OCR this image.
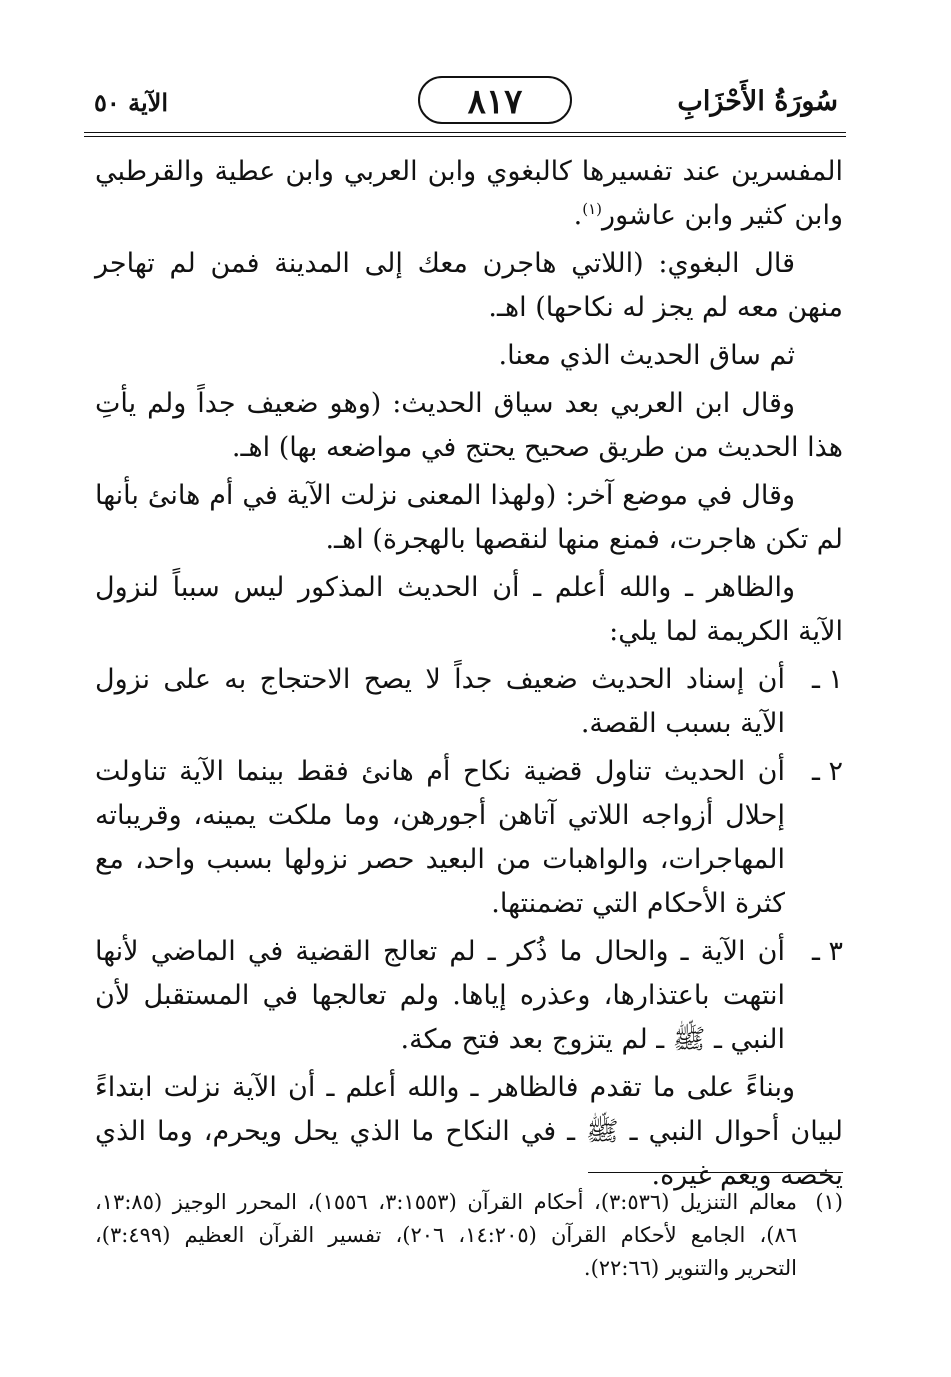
سُورَةُ الأَحْزَابِ
٨١٧
الآية ٥٠

المفسرين عند تفسيرها كالبغوي وابن العربي وابن عطية والقرطبي وابن كثير وابن عاشور$^{(١)}$.

قال البغوي: (اللاتي هاجرن معك إلى المدينة فمن لم تهاجر منهن معه لم يجز له نكاحها) اهـ.

ثم ساق الحديث الذي معنا.

وقال ابن العربي بعد سياق الحديث: (وهو ضعيف جداً ولم يأتِ هذا الحديث من طريق صحيح يحتج في مواضعه بها) اهـ.

وقال في موضع آخر: (ولهذا المعنى نزلت الآية في أم هانئ بأنها لم تكن هاجرت، فمنع منها لنقصها بالهجرة) اهـ.

والظاهر ـ والله أعلم ـ أن الحديث المذكور ليس سبباً لنزول الآية الكريمة لما يلي:

١ ـ
أن إسناد الحديث ضعيف جداً لا يصح الاحتجاج به على نزول الآية بسبب القصة.
٢ ـ
أن الحديث تناول قضية نكاح أم هانئ فقط بينما الآية تناولت إحلال أزواجه اللاتي آتاهن أجورهن، وما ملكت يمينه، وقريباته المهاجرات، والواهبات من البعيد حصر نزولها بسبب واحد، مع كثرة الأحكام التي تضمنتها.
٣ ـ
أن الآية ـ والحال ما ذُكر ـ لم تعالج القضية في الماضي لأنها انتهت باعتذارها، وعذره إياها. ولم تعالجها في المستقبل لأن النبي ـ ﷺ ـ لم يتزوج بعد فتح مكة.

وبناءً على ما تقدم فالظاهر ـ والله أعلم ـ أن الآية نزلت ابتداءً لبيان أحوال النبي ـ ﷺ ـ في النكاح ما الذي يحل ويحرم، وما الذي يخصه ويعم غيره.

(١)
معالم التنزيل (٣:٥٣٦)، أحكام القرآن (٣:١٥٥٣، ١٥٥٦)، المحرر الوجيز (١٣:٨٥، ٨٦)، الجامع لأحكام القرآن (١٤:٢٠٥، ٢٠٦)، تفسير القرآن العظيم (٣:٤٩٩)، التحرير والتنوير (٢٢:٦٦).
